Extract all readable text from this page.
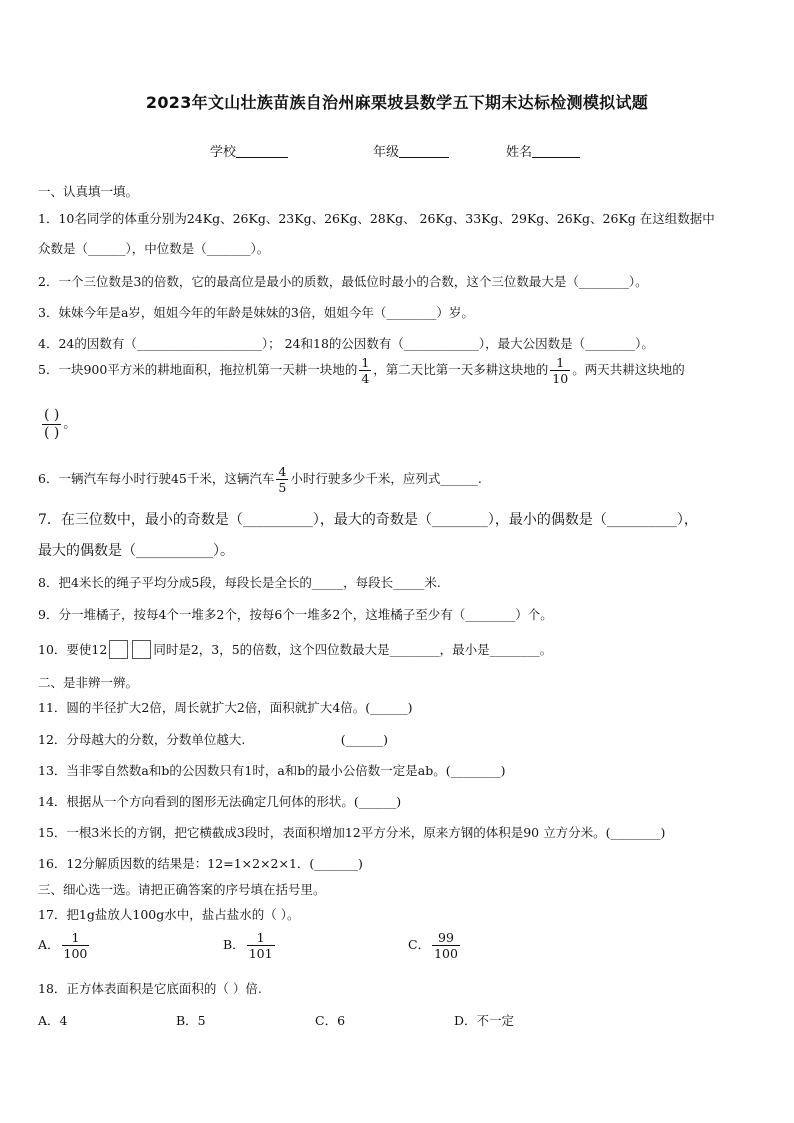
2023年文山壮族苗族自治州麻栗坡县数学五下期末达标检测模拟试题
学校	年级	姓名
一、认真填一填。
1．10名同学的体重分别为24Kg、26Kg、23Kg、26Kg、28Kg、 26Kg、33Kg、29Kg、26Kg、26Kg 在这组数据中
众数是（______），中位数是（_______）。
2．一个三位数是3的倍数，它的最高位是最小的质数，最低位时最小的合数，这个三位数最大是（________）。
3．妹妹今年是a岁，姐姐今年的年龄是妹妹的3倍，姐姐今年（________）岁。
4．24的因数有（____________________）； 24和18的公因数有（____________），最大公因数是（________）。
5．一块900平方米的耕地面积，拖拉机第一天耕一块地的 $\frac{1}{4}$ ，第二天比第一天多耕这块地的 $\frac{1}{10}$ 。两天共耕这块地的
$\frac{( )}{( )}$ 。
6．一辆汽车每小时行驶45千米，这辆汽车 $\frac{4}{5}$ 小时行驶多少千米，应列式______.
7．在三位数中，最小的奇数是（__________），最大的奇数是（________），最小的偶数是（__________），
最大的偶数是（___________）。
8．把4米长的绳子平均分成5段，每段长是全长的_____，每段长_____米.
9．分一堆橘子，按每4个一堆多2个，按每6个一堆多2个，这堆橘子至少有（________）个。
10．要使12	同时是2，3，5的倍数，这个四位数最大是________，最小是________。
二、是非辨一辨。
11．圆的半径扩大2倍，周长就扩大2倍，面积就扩大4倍。(______)
12．分母越大的分数，分数单位越大.                        (______)
13．当非零自然数a和b的公因数只有1时，a和b的最小公倍数一定是ab。(________)
14．根据从一个方向看到的图形无法确定几何体的形状。(______)
15．一根3米长的方钢，把它横截成3段时，表面积增加12平方分米，原来方钢的体积是90 立方分米。(________)
16．12分解质因数的结果是：12=1×2×2×1．(_______)
三、细心选一选。请把正确答案的序号填在括号里。
17．把1g盐放人100g水中，盐占盐水的（ ）。
A． $\frac{1}{100}$	B． $\frac{1}{101}$	C． $\frac{99}{100}$
18．正方体表面积是它底面积的（ ）倍.
A．4	B．5	C．6	D．不一定
